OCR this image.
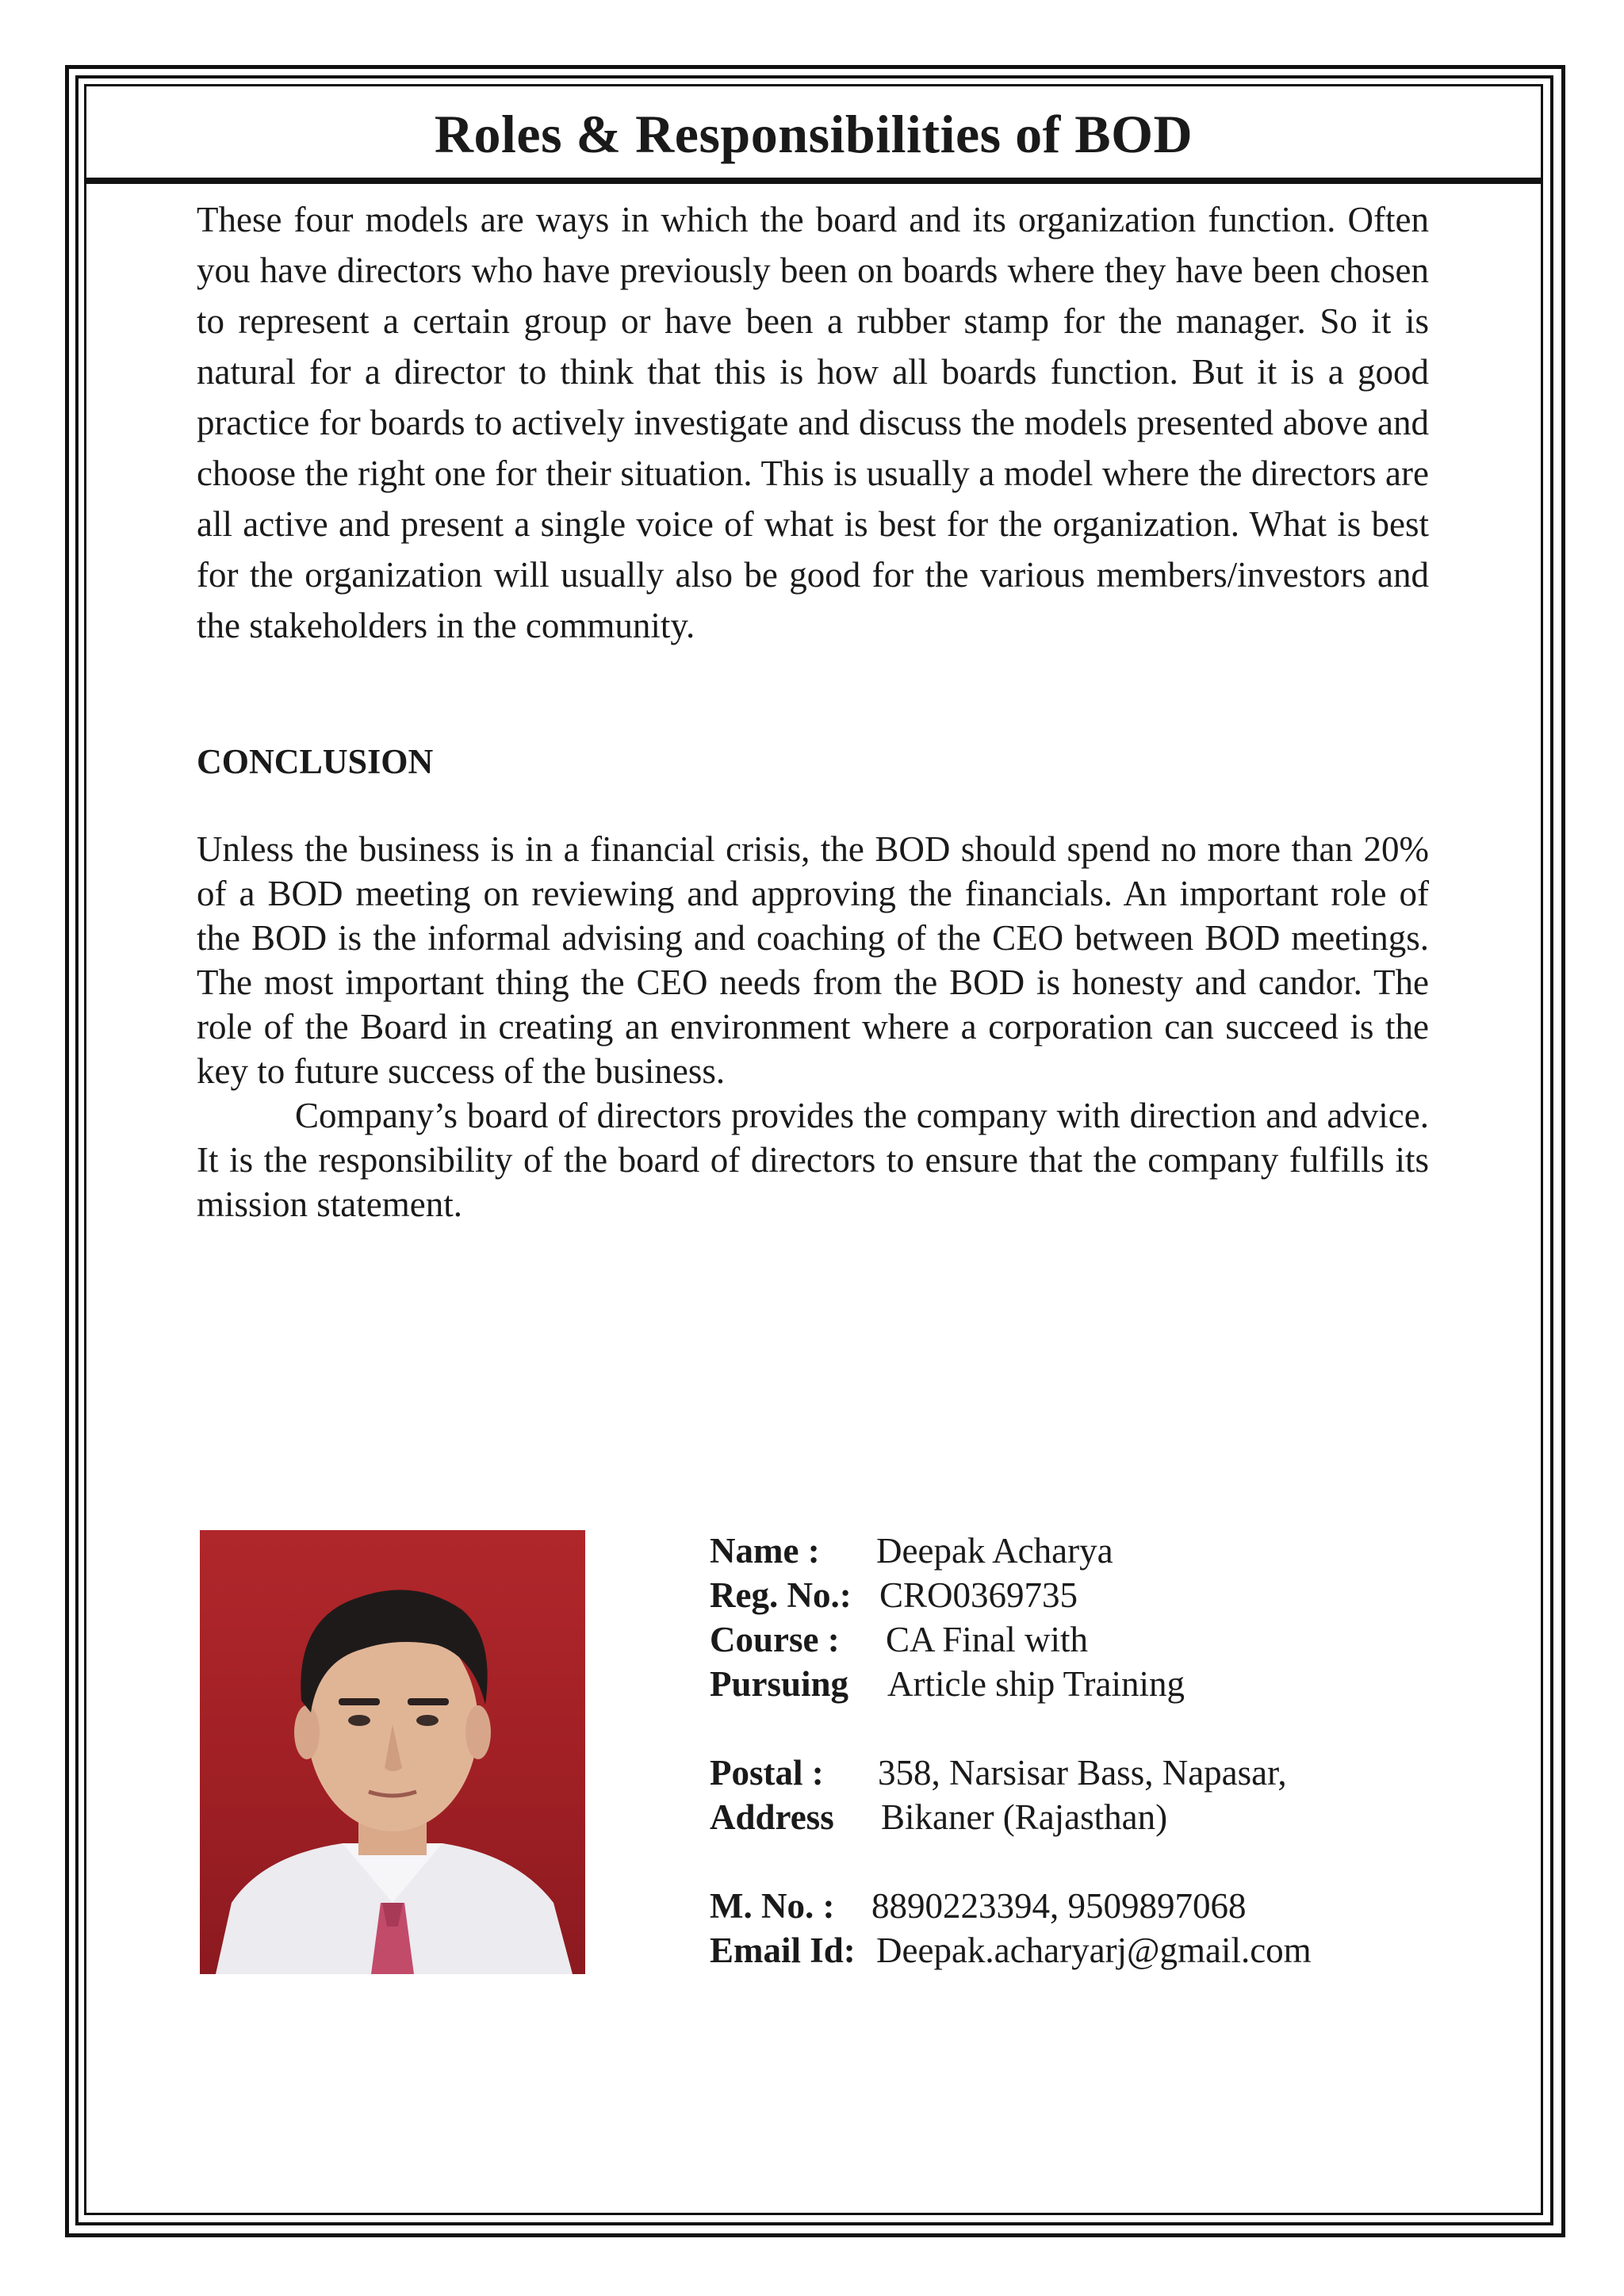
Roles & Responsibilities of BOD

These four models are ways in which the board and its organization function. Often you have directors who have previously been on boards where they have been chosen to represent a certain group or have been a rubber stamp for the manager. So it is natural for a director to think that this is how all boards function. But it is a good practice for boards to actively investigate and discuss the models presented above and choose the right one for their situation. This is usually a model where the directors are all active and present a single voice of what is best for the organization. What is best for the organization will usually also be good for the various members/investors and the stakeholders in the community.

CONCLUSION

Unless the business is in a financial crisis, the BOD should spend no more than 20% of a BOD meeting on reviewing and approving the financials. An important role of the BOD is the informal advising and coaching of the CEO between BOD meetings. The most important thing the CEO needs from the BOD is honesty and candor. The role of the Board in creating an environment where a corporation can succeed is the key to future success of the business.

Company’s board of directors provides the company with direction and advice. It is the responsibility of the board of directors to ensure that the company fulfills its mission statement.

Name :	Deepak Acharya
Reg. No.: CRO0369735
Course :	CA Final with
Pursuing	Article ship Training
Postal :	358, Narsisar Bass, Napasar,
Address	Bikaner (Rajasthan)
M. No. :	8890223394, 9509897068
Email Id: Deepak.acharyarj@gmail.com
